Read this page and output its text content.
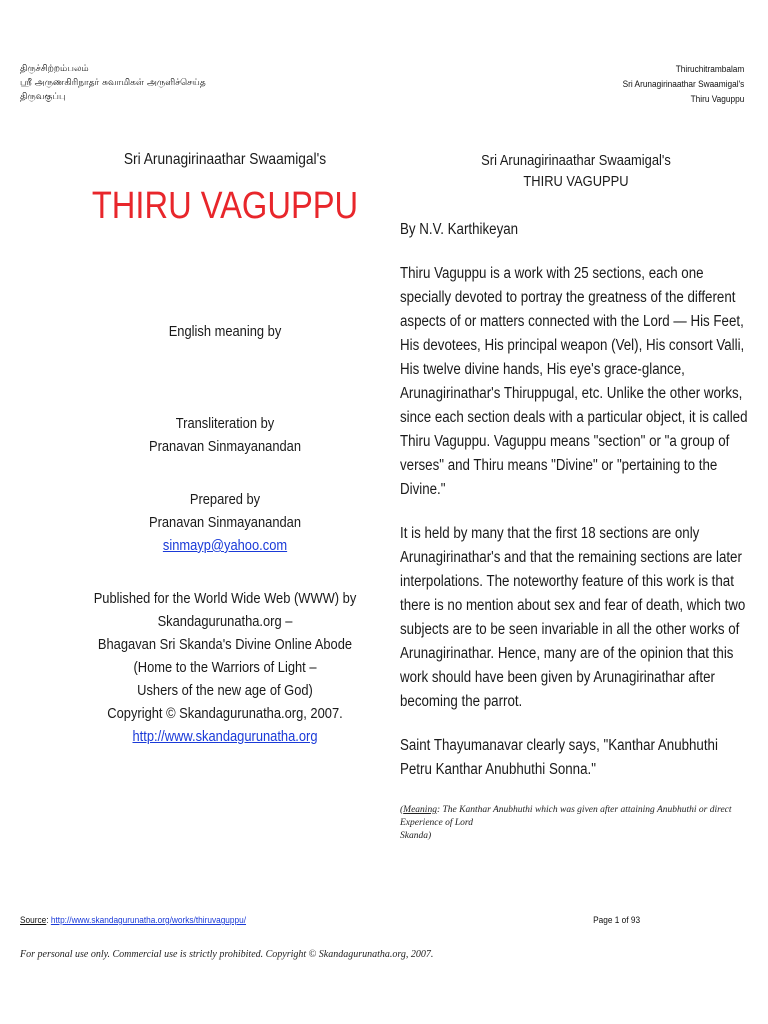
திருச்சிற்றம்பலம்
ஸ்ரீ அருணகிரிநாதர் சுவாமிகள் அருளிச்செய்த
திருவகுப்பு
Thiruchitrambalam
Sri Arunagirinaathar Swaamigal's
Thiru Vaguppu
Sri Arunagirinaathar Swaamigal's
THIRU VAGUPPU
English meaning by
Transliteration by
Pranavan Sinmayanandan
Prepared by
Pranavan Sinmayanandan
sinmayp@yahoo.com
Published for the World Wide Web (WWW) by
Skandagurunatha.org –
Bhagavan Sri Skanda's Divine Online Abode
(Home to the Warriors of Light –
Ushers of the new age of God)
Copyright © Skandagurunatha.org, 2007.
http://www.skandagurunatha.org
Sri Arunagirinaathar Swaamigal's
THIRU VAGUPPU
By N.V. Karthikeyan
Thiru Vaguppu is a work with 25 sections, each one
specially devoted to portray the greatness of the different
aspects of or matters connected with the Lord — His Feet,
His devotees, His principal weapon (Vel), His consort Valli,
His twelve divine hands, His eye's grace-glance,
Arunagirinathar's Thiruppugal, etc. Unlike the other works,
since each section deals with a particular object, it is called
Thiru Vaguppu. Vaguppu means "section" or "a group of
verses" and Thiru means "Divine" or "pertaining to the
Divine."
It is held by many that the first 18 sections are only
Arunagirinathar's and that the remaining sections are later
interpolations. The noteworthy feature of this work is that
there is no mention about sex and fear of death, which two
subjects are to be seen invariable in all the other works of
Arunagirinathar. Hence, many are of the opinion that this
work should have been given by Arunagirinathar after
becoming the parrot.
Saint Thayumanavar clearly says, "Kanthar Anubhuthi
Petru Kanthar Anubhuthi Sonna."
(Meaning: The Kanthar Anubhuthi which was given after attaining Anubhuthi or direct Experience of Lord
Skanda)
Source: http://www.skandagurunatha.org/works/thiruvaguppu/	Page 1 of 93
For personal use only. Commercial use is strictly prohibited. Copyright © Skandagurunatha.org, 2007.
